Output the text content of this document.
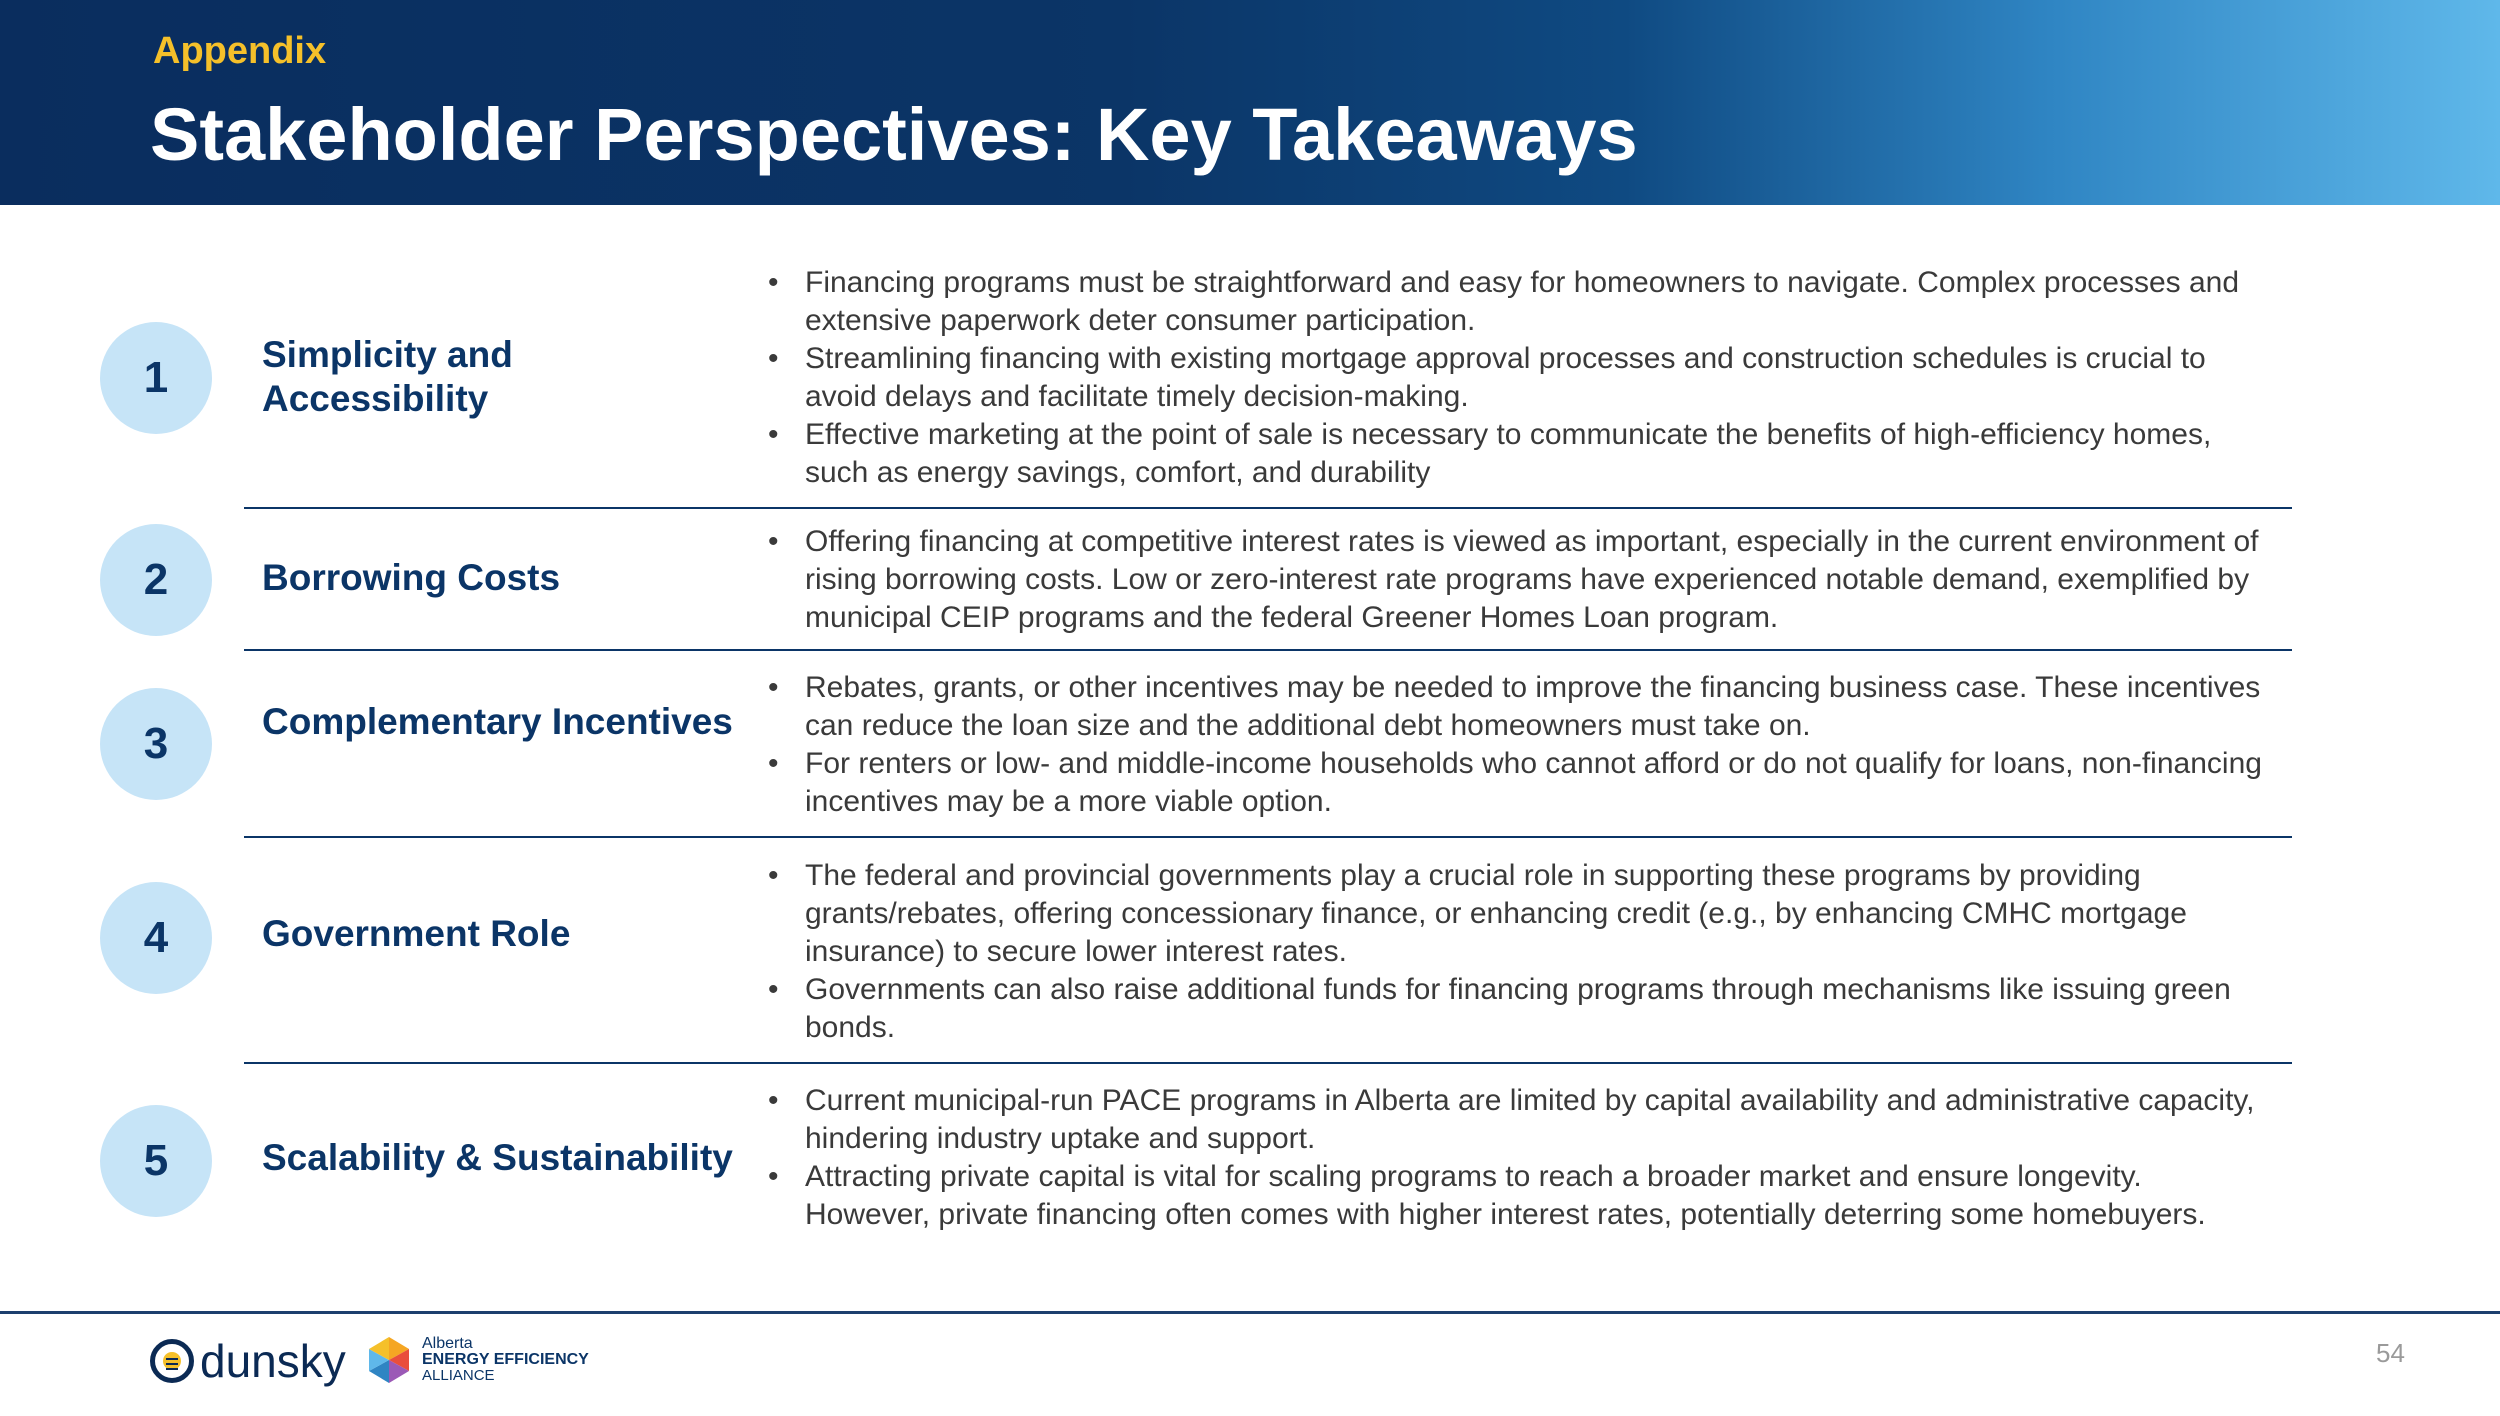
Appendix
Stakeholder Perspectives: Key Takeaways
1	Simplicity and Accessibility
• Financing programs must be straightforward and easy for homeowners to navigate. Complex processes and extensive paperwork deter consumer participation.
• Streamlining financing with existing mortgage approval processes and construction schedules is crucial to avoid delays and facilitate timely decision-making.
• Effective marketing at the point of sale is necessary to communicate the benefits of high-efficiency homes, such as energy savings, comfort, and durability
2	Borrowing Costs
• Offering financing at competitive interest rates is viewed as important, especially in the current environment of rising borrowing costs. Low or zero-interest rate programs have experienced notable demand, exemplified by municipal CEIP programs and the federal Greener Homes Loan program.
3	Complementary Incentives
• Rebates, grants, or other incentives may be needed to improve the financing business case. These incentives can reduce the loan size and the additional debt homeowners must take on.
• For renters or low- and middle-income households who cannot afford or do not qualify for loans, non-financing incentives may be a more viable option.
4	Government Role
• The federal and provincial governments play a crucial role in supporting these programs by providing grants/rebates, offering concessionary finance, or enhancing credit (e.g., by enhancing CMHC mortgage insurance) to secure lower interest rates.
• Governments can also raise additional funds for financing programs through mechanisms like issuing green bonds.
5	Scalability & Sustainability
• Current municipal-run PACE programs in Alberta are limited by capital availability and administrative capacity, hindering industry uptake and support.
• Attracting private capital is vital for scaling programs to reach a broader market and ensure longevity. However, private financing often comes with higher interest rates, potentially deterring some homebuyers.
dunsky	Alberta
ENERGY EFFICIENCY
ALLIANCE
54
